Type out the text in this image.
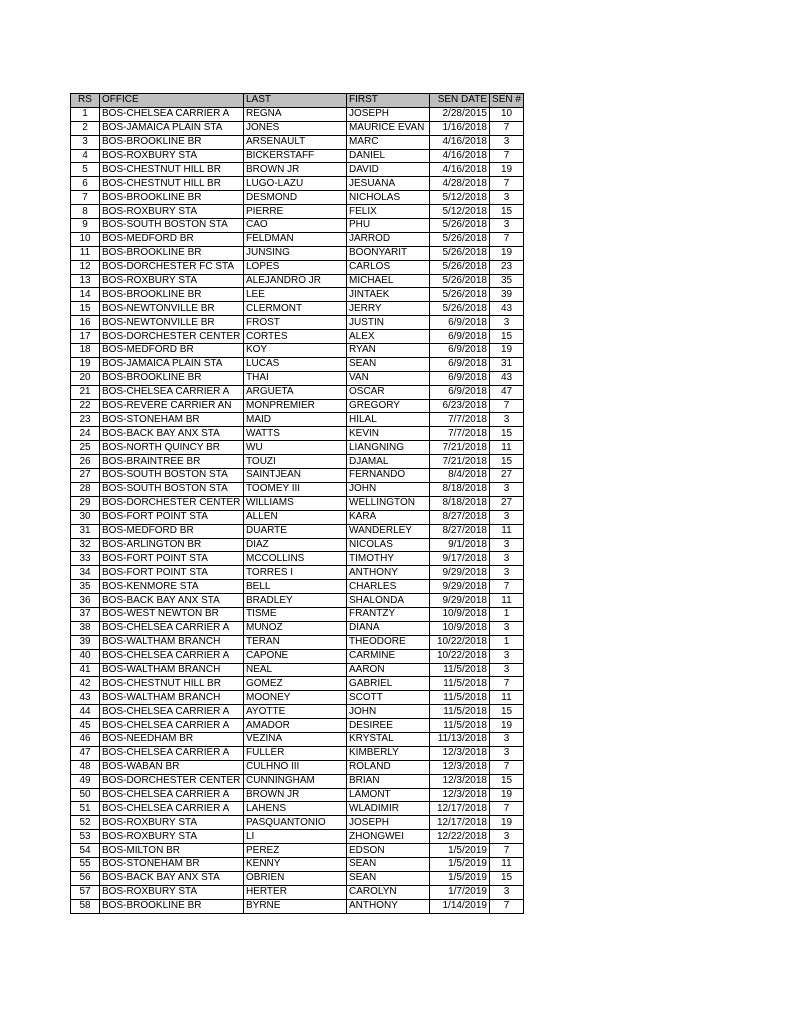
RS	OFFICE	LAST	FIRST	SEN DATE	SEN #
1	BOS-CHELSEA CARRIER A	REGNA	JOSEPH	2/28/2015	10
2	BOS-JAMAICA PLAIN STA	JONES	MAURICE EVAN	1/16/2018	7
3	BOS-BROOKLINE BR	ARSENAULT	MARC	4/16/2018	3
4	BOS-ROXBURY STA	BICKERSTAFF	DANIEL	4/16/2018	7
5	BOS-CHESTNUT HILL BR	BROWN JR	DAVID	4/16/2018	19
6	BOS-CHESTNUT HILL BR	LUGO-LAZU	JESUANA	4/28/2018	7
7	BOS-BROOKLINE BR	DESMOND	NICHOLAS	5/12/2018	3
8	BOS-ROXBURY STA	PIERRE	FELIX	5/12/2018	15
9	BOS-SOUTH BOSTON STA	CAO	PHU	5/26/2018	3
10	BOS-MEDFORD BR	FELDMAN	JARROD	5/26/2018	7
11	BOS-BROOKLINE BR	JUNSING	BOONYARIT	5/26/2018	19
12	BOS-DORCHESTER FC STA	LOPES	CARLOS	5/26/2018	23
13	BOS-ROXBURY STA	ALEJANDRO JR	MICHAEL	5/26/2018	35
14	BOS-BROOKLINE BR	LEE	JINTAEK	5/26/2018	39
15	BOS-NEWTONVILLE BR	CLERMONT	JERRY	5/26/2018	43
16	BOS-NEWTONVILLE BR	FROST	JUSTIN	6/9/2018	3
17	BOS-DORCHESTER CENTER	CORTES	ALEX	6/9/2018	15
18	BOS-MEDFORD BR	KOY	RYAN	6/9/2018	19
19	BOS-JAMAICA PLAIN STA	LUCAS	SEAN	6/9/2018	31
20	BOS-BROOKLINE BR	THAI	VAN	6/9/2018	43
21	BOS-CHELSEA CARRIER A	ARGUETA	OSCAR	6/9/2018	47
22	BOS-REVERE CARRIER AN	MONPREMIER	GREGORY	6/23/2018	7
23	BOS-STONEHAM BR	MAID	HILAL	7/7/2018	3
24	BOS-BACK BAY ANX STA	WATTS	KEVIN	7/7/2018	15
25	BOS-NORTH QUINCY BR	WU	LIANGNING	7/21/2018	11
26	BOS-BRAINTREE BR	TOUZI	DJAMAL	7/21/2018	15
27	BOS-SOUTH BOSTON STA	SAINTJEAN	FERNANDO	8/4/2018	27
28	BOS-SOUTH BOSTON STA	TOOMEY III	JOHN	8/18/2018	3
29	BOS-DORCHESTER CENTER	WILLIAMS	WELLINGTON	8/18/2018	27
30	BOS-FORT POINT STA	ALLEN	KARA	8/27/2018	3
31	BOS-MEDFORD BR	DUARTE	WANDERLEY	8/27/2018	11
32	BOS-ARLINGTON BR	DIAZ	NICOLAS	9/1/2018	3
33	BOS-FORT POINT STA	MCCOLLINS	TIMOTHY	9/17/2018	3
34	BOS-FORT POINT STA	TORRES I	ANTHONY	9/29/2018	3
35	BOS-KENMORE STA	BELL	CHARLES	9/29/2018	7
36	BOS-BACK BAY ANX STA	BRADLEY	SHALONDA	9/29/2018	11
37	BOS-WEST NEWTON BR	TISME	FRANTZY	10/9/2018	1
38	BOS-CHELSEA CARRIER A	MUNOZ	DIANA	10/9/2018	3
39	BOS-WALTHAM BRANCH	TERAN	THEODORE	10/22/2018	1
40	BOS-CHELSEA CARRIER A	CAPONE	CARMINE	10/22/2018	3
41	BOS-WALTHAM BRANCH	NEAL	AARON	11/5/2018	3
42	BOS-CHESTNUT HILL BR	GOMEZ	GABRIEL	11/5/2018	7
43	BOS-WALTHAM BRANCH	MOONEY	SCOTT	11/5/2018	11
44	BOS-CHELSEA CARRIER A	AYOTTE	JOHN	11/5/2018	15
45	BOS-CHELSEA CARRIER A	AMADOR	DESIREE	11/5/2018	19
46	BOS-NEEDHAM BR	VEZINA	KRYSTAL	11/13/2018	3
47	BOS-CHELSEA CARRIER A	FULLER	KIMBERLY	12/3/2018	3
48	BOS-WABAN BR	CULHNO III	ROLAND	12/3/2018	7
49	BOS-DORCHESTER CENTER	CUNNINGHAM	BRIAN	12/3/2018	15
50	BOS-CHELSEA CARRIER A	BROWN JR	LAMONT	12/3/2018	19
51	BOS-CHELSEA CARRIER A	LAHENS	WLADIMIR	12/17/2018	7
52	BOS-ROXBURY STA	PASQUANTONIO	JOSEPH	12/17/2018	19
53	BOS-ROXBURY STA	LI	ZHONGWEI	12/22/2018	3
54	BOS-MILTON BR	PEREZ	EDSON	1/5/2019	7
55	BOS-STONEHAM BR	KENNY	SEAN	1/5/2019	11
56	BOS-BACK BAY ANX STA	OBRIEN	SEAN	1/5/2019	15
57	BOS-ROXBURY STA	HERTER	CAROLYN	1/7/2019	3
58	BOS-BROOKLINE BR	BYRNE	ANTHONY	1/14/2019	7
